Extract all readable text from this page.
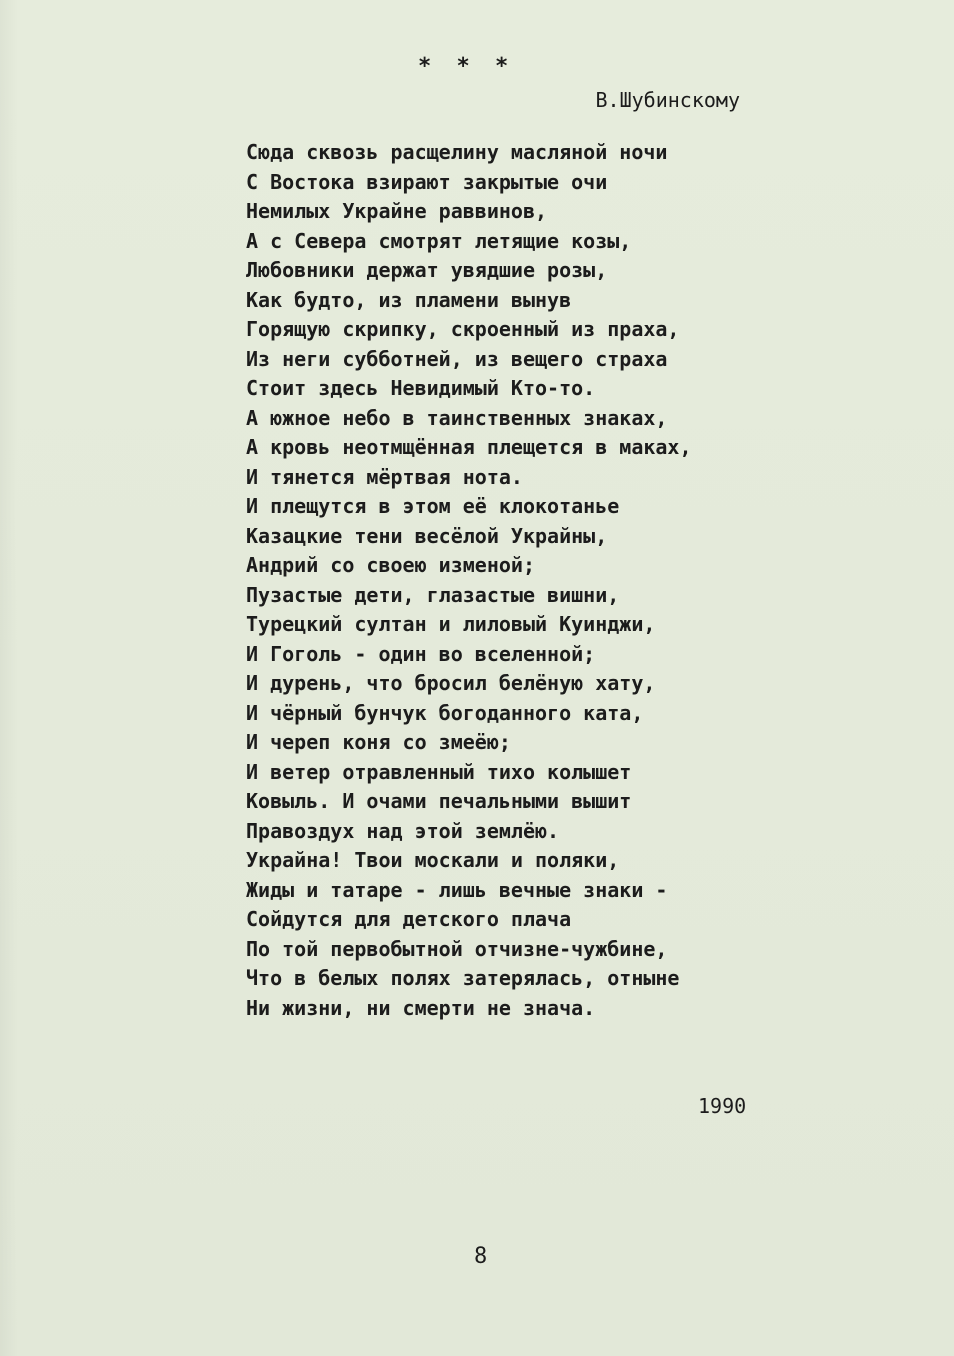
* * *
В.Шубинскому
Сюда сквозь расщелину масляной ночи
С Востока взирают закрытые очи
Немилых Украйне раввинов,
А с Севера смотрят летящие козы,
Любовники держат увядшие розы,
Как будто, из пламени вынув
Горящую скрипку, скроенный из праха,
Из неги субботней, из вещего страха
Стоит здесь Невидимый Кто-то.
А южное небо в таинственных знаках,
А кровь неотмщённая плещется в маках,
И тянется мёртвая нота.
И плещутся в этом её клокотанье
Казацкие тени весёлой Украйны,
Андрий со своею изменой;
Пузастые дети, глазастые вишни,
Турецкий султан и лиловый Куинджи,
И Гоголь - один во вселенной;
И дурень, что бросил белёную хату,
И чёрный бунчук богоданного ката,
И череп коня со змеёю;
И ветер отравленный тихо колышет
Ковыль. И очами печальными вышит
Правоздух над этой землёю.
Украйна! Твои москали и поляки,
Жиды и татаре - лишь вечные знаки -
Сойдутся для детского плача
По той первобытной отчизне-чужбине,
Что в белых полях затерялась, отныне
Ни жизни, ни смерти не знача.
1990
8
